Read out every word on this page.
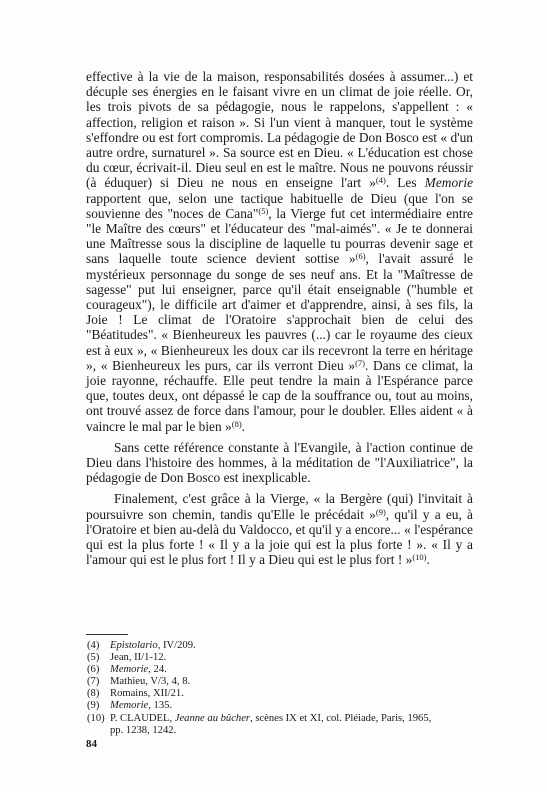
effective à la vie de la maison, responsabilités dosées à assumer...) et décuple ses énergies en le faisant vivre en un climat de joie réelle. Or, les trois pivots de sa pédagogie, nous le rappelons, s'appellent : « affection, religion et raison ». Si l'un vient à manquer, tout le système s'effondre ou est fort compromis. La pédagogie de Don Bosco est « d'un autre ordre, surnaturel ». Sa source est en Dieu. « L'éducation est chose du cœur, écrivait-il. Dieu seul en est le maître. Nous ne pouvons réussir (à éduquer) si Dieu ne nous en enseigne l'art »$^{(4)}$. Les Memorie rapportent que, selon une tactique habituelle de Dieu (que l'on se souvienne des "noces de Cana"$^{(5)}$, la Vierge fut cet intermédiaire entre "le Maître des cœurs" et l'éducateur des "mal-aimés". « Je te donnerai une Maîtresse sous la discipline de laquelle tu pourras devenir sage et sans laquelle toute science devient sottise »$^{(6)}$, l'avait assuré le mystérieux personnage du songe de ses neuf ans. Et la "Maîtresse de sagesse" put lui enseigner, parce qu'il était enseignable ("humble et courageux"), le difficile art d'aimer et d'apprendre, ainsi, à ses fils, la Joie ! Le climat de l'Oratoire s'approchait bien de celui des "Béatitudes". « Bienheureux les pauvres (...) car le royaume des cieux est à eux », « Bienheureux les doux car ils recevront la terre en héritage », « Bienheureux les purs, car ils verront Dieu »$^{(7)}$. Dans ce climat, la joie rayonne, réchauffe. Elle peut tendre la main à l'Espérance parce que, toutes deux, ont dépassé le cap de la souffrance ou, tout au moins, ont trouvé assez de force dans l'amour, pour le doubler. Elles aident « à vaincre le mal par le bien »$^{(8)}$.

Sans cette référence constante à l'Evangile, à l'action continue de Dieu dans l'histoire des hommes, à la méditation de "l'Auxiliatrice", la pédagogie de Don Bosco est inexplicable.

Finalement, c'est grâce à la Vierge, « la Bergère (qui) l'invitait à poursuivre son chemin, tandis qu'Elle le précédait »$^{(9)}$, qu'il y a eu, à l'Oratoire et bien au-delà du Valdocco, et qu'il y a encore... « l'espérance qui est la plus forte ! « Il y a la joie qui est la plus forte ! ». « Il y a l'amour qui est le plus fort ! Il y a Dieu qui est le plus fort ! »$^{(10)}$.

(4)	Epistolario, IV/209.
(5)	Jean, II/1-12.
(6)	Memorie, 24.
(7)	Mathieu, V/3, 4, 8.
(8)	Romains, XII/21.
(9)	Memorie, 135.
(10) P. CLAUDEL, Jeanne au bûcher, scènes IX et XI, col. Pléiade, Paris, 1965,
pp. 1238, 1242.
84
